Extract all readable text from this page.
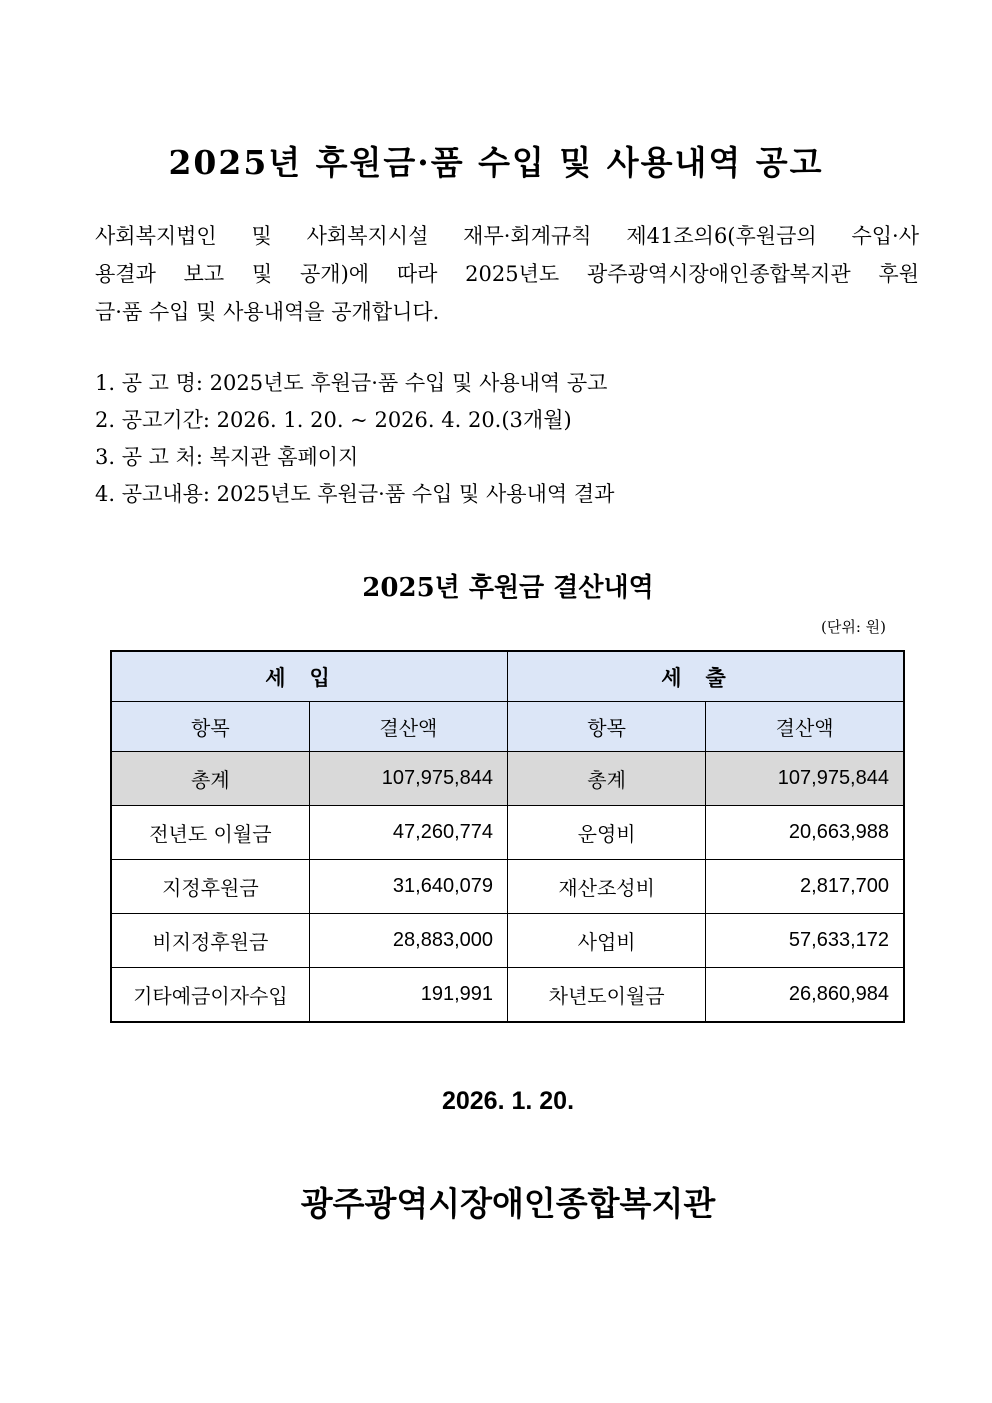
2025년 후원금·품 수입 및 사용내역 공고
사회복지법인 및 사회복지시설 재무·회계규칙 제41조의6(후원금의 수입·사
용결과 보고 및 공개)에 따라 2025년도 광주광역시장애인종합복지관 후원
금·품 수입 및 사용내역을 공개합니다.
1. 공 고 명: 2025년도 후원금·품 수입 및 사용내역 공고
2. 공고기간: 2026. 1. 20. ~ 2026. 4. 20.(3개월)
3. 공 고 처: 복지관 홈페이지
4. 공고내용: 2025년도 후원금·품 수입 및 사용내역 결과
2025년 후원금 결산내역
(단위: 원)
세입		세출	
항목	결산액	항목	결산액
총계	107,975,844	총계	107,975,844
전년도 이월금	47,260,774	운영비	20,663,988
지정후원금	31,640,079	재산조성비	2,817,700
비지정후원금	28,883,000	사업비	57,633,172
기타예금이자수입	191,991	차년도이월금	26,860,984
2026. 1. 20.
광주광역시장애인종합복지관
